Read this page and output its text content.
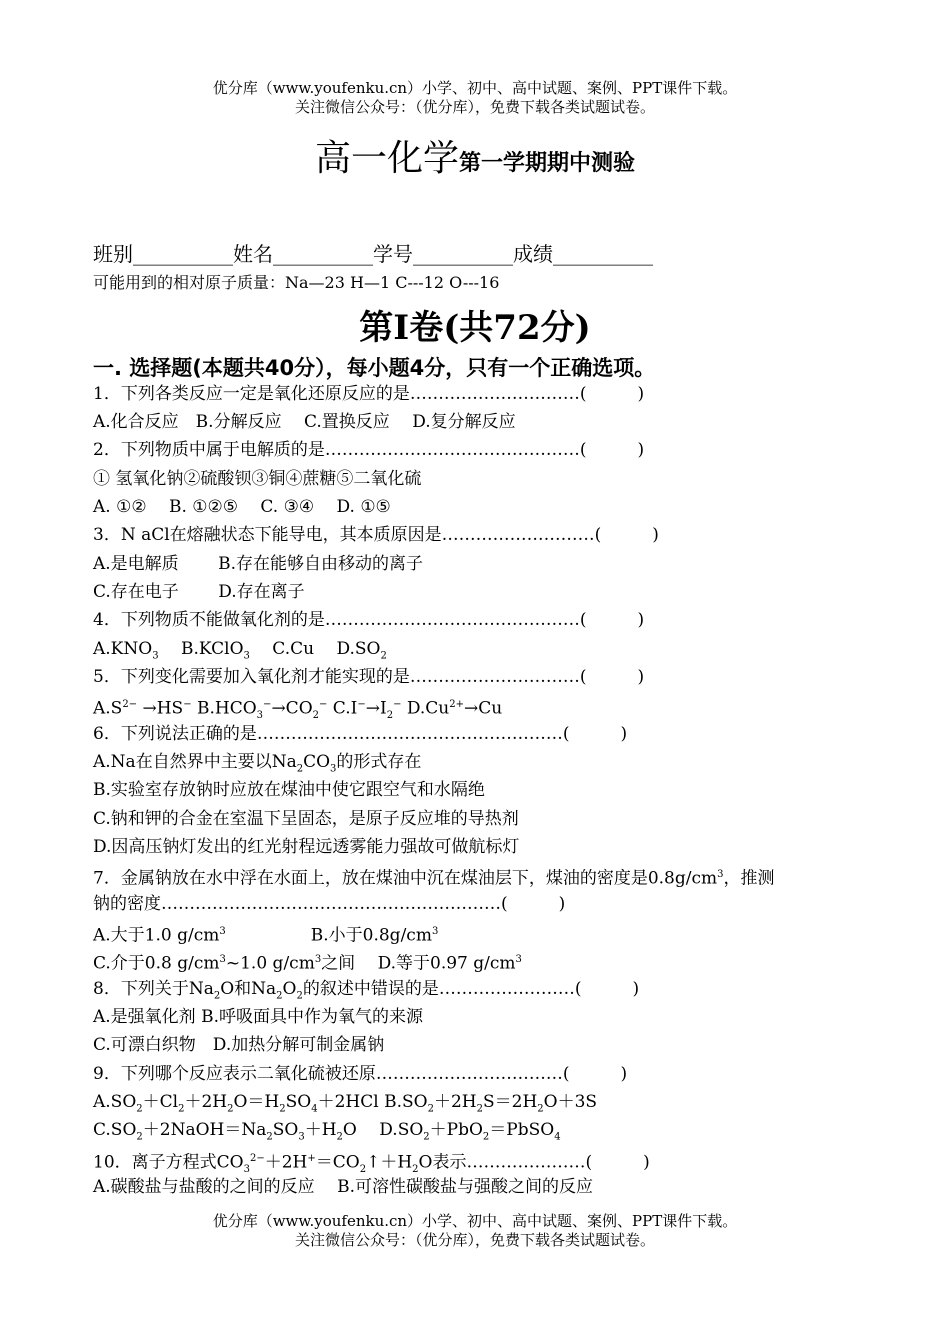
优分库（www.youfenku.cn）小学、初中、高中试题、案例、PPT课件下载。
关注微信公众号：（优分库），免费下载各类试题试卷。
高一化学第一学期期中测验
班别__________姓名__________学号__________成绩__________
可能用到的相对原子质量：Na—23 H—1 C---12 O---16
第Ⅰ卷(共72分)
一. 选择题(本题共40分），每小题4分，只有一个正确选项。
1．下列各类反应一定是氧化还原反应的是…………………………(　　　)
A.化合反应　B.分解反应　 C.置换反应　 D.复分解反应
2．下列物质中属于电解质的是………………………………………(　　　)
① 氢氧化钠②硫酸钡③铜④蔗糖⑤二氧化硫
A. ①②　 B. ①②⑤　 C. ③④　 D. ①⑤
3．N aCl在熔融状态下能导电，其本质原因是………………………(　　　)
A.是电解质　　 B.存在能够自由移动的离子
C.存在电子　　 D.存在离子
4．下列物质不能做氧化剂的是………………………………………(　　　)
$A.KNO_3$　 B.KClO$_3$　 C.Cu　 $D.SO_2$
5．下列变化需要加入氧化剂才能实现的是…………………………(　　　)
$A.S^{2-} \to HS^-$ $B.HCO_3^-\to CO_2^-$ $C.I^-\to I_2^-$ $D.Cu^{2+}\to Cu$
6．下列说法正确的是………………………………………………(　　　)
A.Na在自然界中主要以$Na_2CO_3$的形式存在
B.实验室存放钠时应放在煤油中使它跟空气和水隔绝
C.钠和钾的合金在室温下呈固态，是原子反应堆的导热剂
D.因高压钠灯发出的红光射程远透雾能力强故可做航标灯
7．金属钠放在水中浮在水面上，放在煤油中沉在煤油层下，煤油的密度是$0.8g/cm^3$，推测
钠的密度……………………………………………………(　　　)
A.大于1.0 $g/cm^3$　　　　　B.小于$0.8g/cm^3$
C.介于0.8 $g/cm^3\sim 1.0$ $g/cm^3$之间　 D.等于0.97 $g/cm^3$
8．下列关于$Na_2O$和$Na_2O_2$的叙述中错误的是……………………(　　　)
A.是强氧化剂 B.呼吸面具中作为氧气的来源
C.可漂白织物　D.加热分解可制金属钠
9．下列哪个反应表示二氧化硫被还原……………………………(　　　)
$A.SO_2+Cl_2+2H_2O=H_2SO_4+2HCl$ $B.SO_2+2H_2S=2H_2O+3S$
$C.SO_2+2NaOH=Na_2SO_3+H_2O$　 $D.SO_2+PbO_2=PbSO_4$
10．离子方程式$CO_3^{2-}+2H^+=CO_2↑+H_2O$表示…………………(　　　)
A.碳酸盐与盐酸的之间的反应　 B.可溶性碳酸盐与强酸之间的反应
优分库（www.youfenku.cn）小学、初中、高中试题、案例、PPT课件下载。
关注微信公众号：（优分库），免费下载各类试题试卷。
